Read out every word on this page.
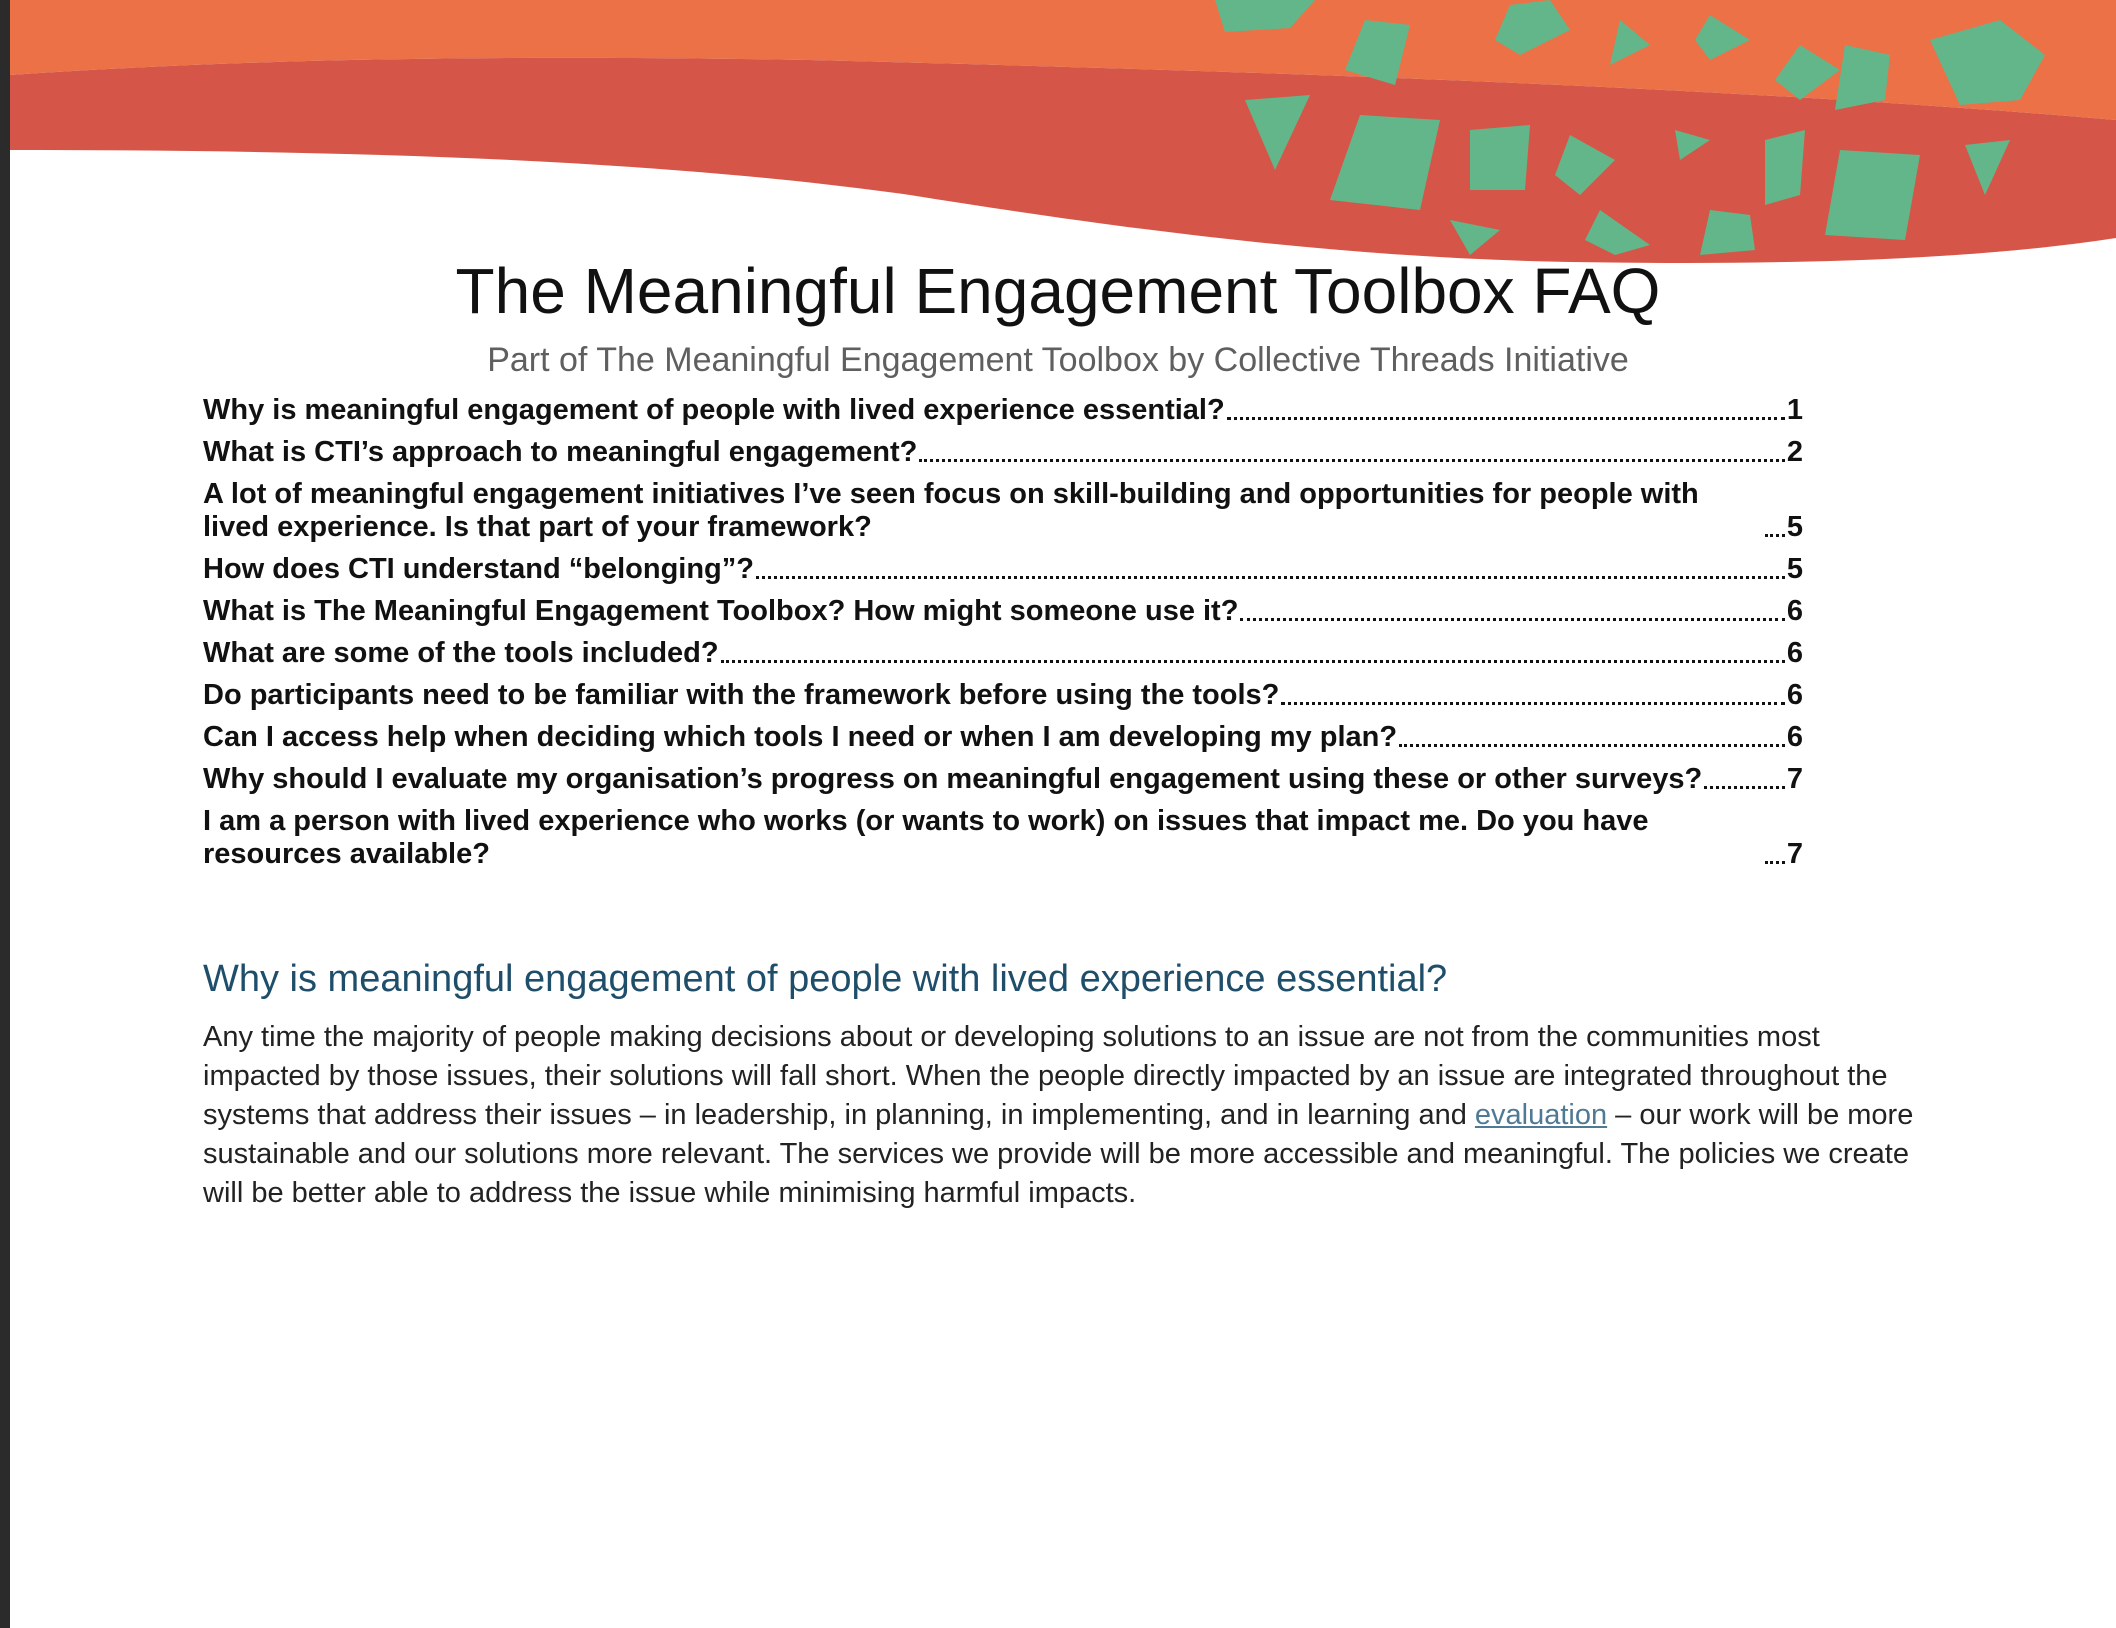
The Meaningful Engagement Toolbox FAQ
Part of The Meaningful Engagement Toolbox by Collective Threads Initiative
Why is meaningful engagement of people with lived experience essential?	1
What is CTI’s approach to meaningful engagement?	2
A lot of meaningful engagement initiatives I’ve seen focus on skill-building and opportunities for people with lived experience. Is that part of your framework?	5
How does CTI understand “belonging”?	5
What is The Meaningful Engagement Toolbox? How might someone use it?	6
What are some of the tools included?	6
Do participants need to be familiar with the framework before using the tools?	6
Can I access help when deciding which tools I need or when I am developing my plan?	6
Why should I evaluate my organisation’s progress on meaningful engagement using these or other surveys?	7
I am a person with lived experience who works (or wants to work) on issues that impact me. Do you have resources available?	7
Why is meaningful engagement of people with lived experience essential?

Any time the majority of people making decisions about or developing solutions to an issue are not from the communities most impacted by those issues, their solutions will fall short. When the people directly impacted by an issue are integrated throughout the systems that address their issues – in leadership, in planning, in implementing, and in learning and evaluation – our work will be more sustainable and our solutions more relevant. The services we provide will be more accessible and meaningful. The policies we create will be better able to address the issue while minimising harmful impacts.
